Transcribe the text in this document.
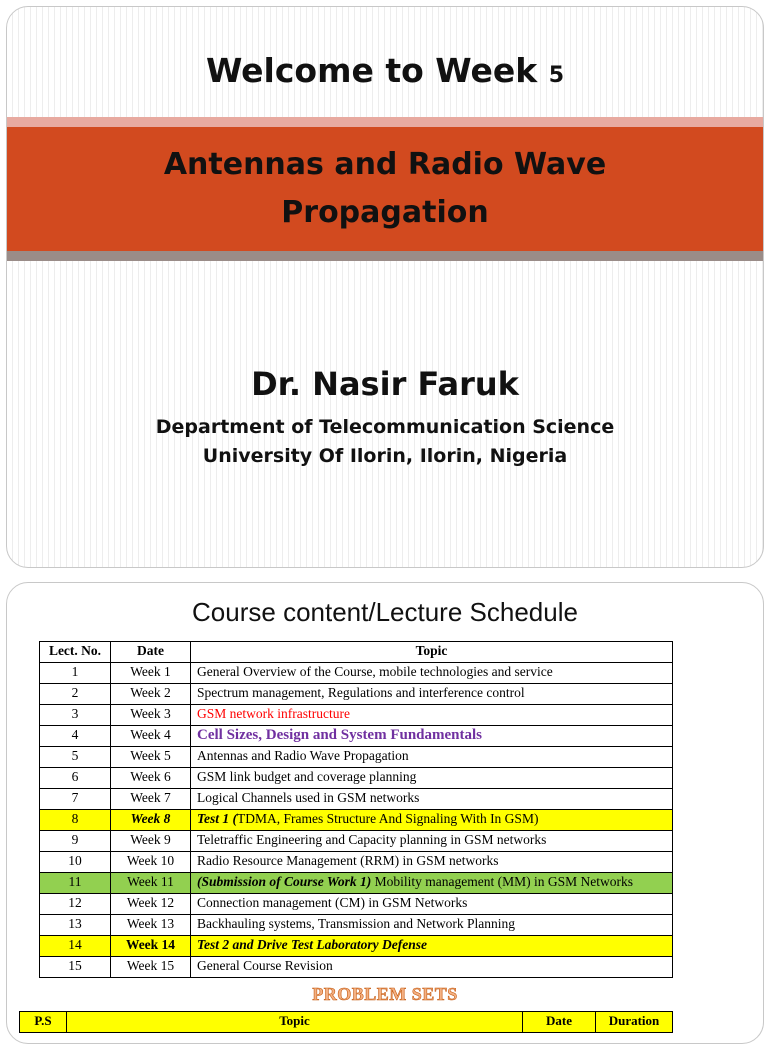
Welcome to Week 5
Antennas and Radio Wave
Propagation
Dr. Nasir Faruk
Department of Telecommunication Science
University Of Ilorin, Ilorin, Nigeria
Course content/Lecture Schedule
Lect. No.	Date	Topic
1	Week 1	General Overview of the Course, mobile technologies and service
2	Week 2	Spectrum management, Regulations and interference control
3	Week 3	GSM network infrastructure
4	Week 4	Cell Sizes, Design and System Fundamentals
5	Week 5	Antennas and Radio Wave Propagation
6	Week 6	GSM link budget and coverage planning
7	Week 7	Logical Channels used in GSM networks
8	Week 8	Test 1 (TDMA, Frames Structure And Signaling With In GSM)
9	Week 9	Teletraffic Engineering and Capacity planning in GSM networks
10	Week 10	Radio Resource Management (RRM) in GSM networks
11	Week 11	(Submission of Course Work 1) Mobility management (MM) in GSM Networks
12	Week 12	Connection management (CM) in GSM Networks
13	Week 13	Backhauling systems, Transmission and Network Planning
14	Week 14	Test 2 and Drive Test Laboratory Defense
15	Week 15	General Course Revision
PROBLEM SETS
P.S	Topic	Date	Duration
